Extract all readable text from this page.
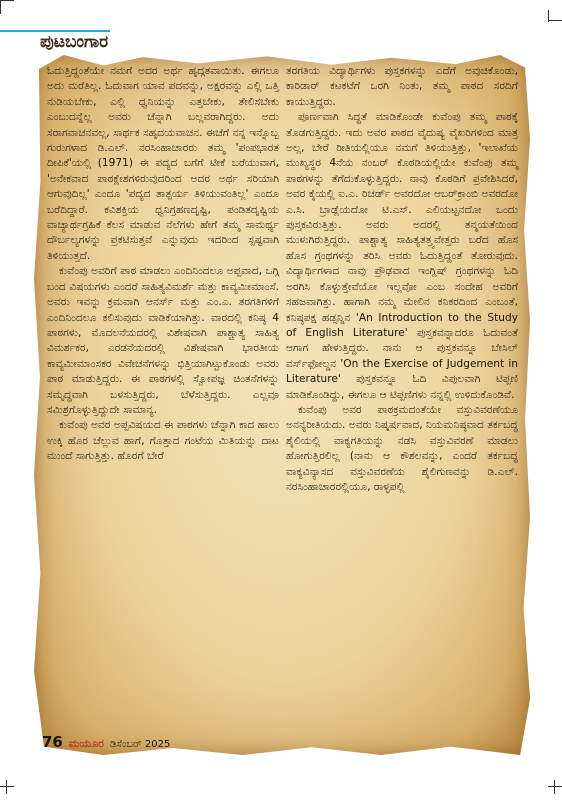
ಪುಟಬಂಗಾರ

ಓದುತ್ತಿದ್ದಂತೆಯೇ ನಮಗೆ ಅದರ ಅರ್ಥ ಹೃದ್ಗತವಾಯಿತು. ಈಗಲೂ ಅದು ಮರೆತಿಲ್ಲ. ಓದುವಾಗ ಯಾವ ಪದವನ್ನು, ಅಕ್ಷರವನ್ನು ಎಲ್ಲಿ ಒತ್ತಿ ನುಡಿಯಬೇಕು, ಎಲ್ಲಿ ಧ್ವನಿಯನ್ನು ಎತ್ತಬೇಕು, ತೇಲಿಸಬೇಕು ಎಂಬುದನ್ನೆಲ್ಲ ಅವರು ಚೆನ್ನಾಗಿ ಬಲ್ಲವರಾಗಿದ್ದರು. ಅದು ಸರಾಗವಾಚನವಲ್ಲ, ಸಾರ್ಥಕ ಸಹೃದಯವಾಚನ. ಈಚೆಗೆ ನನ್ನ ಇನ್ನೊಬ್ಬ ಗುರುಗಳಾದ ಡಿ.ಎಲ್. ನರಸಿಂಹಾಚಾರರು ತಮ್ಮ 'ಪಂಪಭಾರತ ದೀಪಿಕೆ'ಯಲ್ಲಿ (1971) ಈ ಪದ್ಯದ ಬಗೆಗೆ ಟೀಕೆ ಬರೆಯುವಾಗ, 'ಅನೇಕವಾದ ಪಾಠಕ್ಲೇಶಗಳಿರುವುದರಿಂದ ಅದರ ಅರ್ಥ ಸರಿಯಾಗಿ ಆಗುವುದಿಲ್ಲ' ಎಂದೂ 'ಪದ್ಯದ ತಾತ್ಪರ್ಯ ತಿಳಿಯುವಂತಿಲ್ಲ' ಎಂದೂ ಬರೆದಿದ್ದಾರೆ. ಕವಿಶಕ್ತಿಯ ಧ್ವನಿಗ್ರಹಣದೃಷ್ಟಿ, ಪಂಡಿತದೃಷ್ಟಿಯ ವಾಚ್ಯಾರ್ಥಗ್ರಹಿಕೆ ಕೆಲಸ ಮಾಡುವ ನೆಲೆಗಳು ಹೇಗೆ ತಮ್ಮ ಸಾಮರ್ಥ್ಯ ದೌರ್ಬಲ್ಯಗಳನ್ನು ಪ್ರಕಟಿಸುತ್ತವೆ ಎನ್ನುವುದು ಇದರಿಂದ ಸ್ಪಷ್ಟವಾಗಿ ತಿಳಿಯುತ್ತದೆ.

ಕುವೆಂಪು ಅವರಿಗೆ ಪಾಠ ಮಾಡಲು ಎಂದಿನಿಂದಲೂ ಅಪ್ಪವಾದ, ಒಗ್ಗಿ ಬಂದ ವಿಷಯಗಳು ಎಂದರೆ ಸಾಹಿತ್ಯವಿಮರ್ಶೆ ಮತ್ತು ಕಾವ್ಯಮೀಮಾಂಸೆ. ಅವರು ಇವನ್ನು ಕ್ರಮವಾಗಿ ಆನರ್ಸ್ ಮತ್ತು ಎಂ.ಎ. ತರಗತಿಗಳಿಗೆ ಎಂದಿನಿಂದಲೂ ಕಲಿಸುವುದು ವಾಡಿಕೆಯಾಗಿತ್ತು. ವಾರದಲ್ಲಿ ಕನಿಷ್ಠ 4 ಪಾಠಗಳು, ಮೊದಲನೆಯದರಲ್ಲಿ ವಿಶೇಷವಾಗಿ ಪಾಶ್ಚಾತ್ಯ ಸಾಹಿತ್ಯ ವಿಮರ್ಶಕರ, ಎರಡನೆಯದರಲ್ಲಿ ವಿಶೇಷವಾಗಿ ಭಾರತೀಯ ಕಾವ್ಯಮೀಮಾಂಸಕರ ವಿವೇಚನೆಗಳನ್ನು ಭಿತ್ತಿಯಾಗಿಟ್ಟುಕೊಂಡು ಅವರು ಪಾಠ ಮಾಡುತ್ತಿದ್ದರು. ಈ ಪಾಠಗಳಲ್ಲಿ ಸ್ವೋಪಜ್ಞ ಚಿಂತನೆಗಳನ್ನು ಸಮೃದ್ಧವಾಗಿ ಬಳಸುತ್ತಿದ್ದರು, ಬೆಳೆಸುತ್ತಿದ್ದರು. ಎಲ್ಲವೂ ಸಮಿಶ್ರಗೊಳ್ಳುತ್ತಿದ್ದುದೇ ಸಾಮಾನ್ಯ.

ಕುವೆಂಪು ಅವರ ಅಪ್ಪವಿಷಯದ ಈ ಪಾಠಗಳು ಚೆನ್ನಾಗಿ ಕಾದ ಹಾಲು ಉಕ್ಕಿ ಹೊರ ಚೆಲ್ಲುವ ಹಾಗೆ, ಗೊತ್ತಾದ ಗಂಟೆಯ ಮಿತಿಯನ್ನು ದಾಟ ಮುಂದೆ ಸಾಗುತ್ತಿತ್ತು. ಹೊರಗೆ ಬೇರೆ

ತರಗತಿಯ ವಿದ್ಯಾರ್ಥಿಗಳು ಪುಸ್ತಕಗಳನ್ನು ಎದೆಗೆ ಅವುಚಿಕೊಂಡು, ಕಾರಿಡಾರ್ ಕಟಕಟೆಗೆ ಒರಗಿ ನಿಂತು, ತಮ್ಮ ಪಾಠದ ಸರದಿಗೆ ಕಾಯುತ್ತಿದ್ದರು.

ಪೂರ್ಣವಾಗಿ ಸಿದ್ಧತೆ ಮಾಡಿಕೊಂಡೇ ಕುವೆಂಪು ತಮ್ಮ ಪಾಠಕ್ಕೆ ತೊಡಗುತ್ತಿದ್ದರು. ಇದು ಅವರ ಪಾಠದ ವೈದುಷ್ಯ ವೈಖರಿಗಳಿಂದ ಮಾತ್ರ ಅಲ್ಲ, ಬೇರೆ ರೀತಿಯಲ್ಲಿಯೂ ನಮಗೆ ತಿಳಿಯುತ್ತಿತ್ತು, 'ಇಲಾಖೆಯ ಮುಖ್ಯಸ್ಥರ 4ನೆಯ ನಂಬರ್ ಕೊಠಡಿಯಲ್ಲಿಯೇ ಕುವೆಂಪು ತಮ್ಮ ಪಾಠಗಳನ್ನು ತೆಗೆದುಕೊಳ್ಳುತ್ತಿದ್ದರು. ನಾವು ಕೊಠಡಿಗೆ ಪ್ರವೇಶಿಸಿದರೆ, ಅವರ ಕೈಯಲ್ಲಿ ಐ.ಎ. ರಿಚರ್ಡ್ ಅವರದೋ ಆಬರ್‌ಕ್ರಾಂಬಿ ಅವರದೋ ಎ.ಸಿ. ಬ್ರಾಡ್ಲೆಯದೋ ಟಿ.ಎಸ್. ಎಲಿಯಟ್ಟನದೋ ಒಂದು ಪುಸ್ತಕವಿರುತ್ತಿತ್ತು. ಅವರು ಅದರಲ್ಲಿ ತನ್ಮಯತೆಯಿಂದ ಮುಳುಗಿರುತ್ತಿದ್ದರು. ಪಾಶ್ಚಾತ್ಯ ಸಾಹಿತ್ಯತತ್ತ್ವವೇತ್ತರು ಬರೆದ ಹೊಸ ಹೊಸ ಗ್ರಂಥಗಳನ್ನು ತರಿಸಿ ಅವರು ಓದುತ್ತಿದ್ದಂತೆ ತೋರುವುದು. ವಿದ್ಯಾರ್ಥಿಗಳಾದ ನಾವು ಪ್ರೌಢವಾದ ಇಂಗ್ಲಿಷ್ ಗ್ರಂಥಗಳನ್ನು ಓದಿ ಅರಗಿಸಿ ಕೊಳ್ಳುತ್ತೇವೆಯೋ ಇಲ್ಲವೋ ಎಂಬ ಸಂದೇಹ ಅವರಿಗೆ ಸಹಜವಾಗಿತ್ತು. ಹಾಗಾಗಿ ನಮ್ಮ ಮೇಲಿನ ಕನಿಕರದಿಂದ ಎಂಬಂತೆ, ಕನಿಷ್ಠಪಕ್ಷ ಹಡ್ಸನ್ನಿನ 'An Introduction to the Study of English Literature' ಪುಸ್ತಕವನ್ನಾದರೂ ಓದುವಂತೆ ಆಗಾಗ ಹೇಳುತ್ತಿದ್ದರು. ನಾನು ಆ ಪುಸ್ತಕವನ್ನೂ ಬೇಸಿಲ್ ವರ್ಸ್‌ಫೋಲ್ಡನ 'On the Exercise of Judgement in Literature' ಪುಸ್ತಕವನ್ನೂ ಓದಿ ವಿಪುಲವಾಗಿ ಟಿಪ್ಪಣಿ ಮಾಡಿಕೊಂಡಿದ್ದು, ಈಗಲೂ ಆ ಟಿಪ್ಪಣಿಗಳು ನನ್ನಲ್ಲಿ ಉಳಿದುಕೊಂಡಿವೆ.

ಕುವೆಂಪು ಅವರ ಪಾಠಕ್ರಮದಂತೆಯೇ ವಸ್ತುವಿವರಣೆಯೂ ಅನನ್ಯರೀತಿಯದು. ಅವರು ನಿಷ್ಕರ್ಷವಾದ, ನಿಯಮನಿಷ್ಠವಾದ ತರ್ಕಬದ್ಧ ಶೈಲಿಯಲ್ಲಿ ವಾಕ್ಯಗತಿಯನ್ನು ನಡಸಿ ವಸ್ತುವಿವರಣೆ ಮಾಡಲು ಹೋಗುತ್ತಿರಲಿಲ್ಲ (ನಾನು ಆ ಕೌಶಲವನ್ನು, ಎಂದರೆ ತರ್ಕಬದ್ಧ ವಾಕ್ಯವಿನ್ಯಾಸದ ವಸ್ತುವಿವರಣೆಯ ಶೈಲಿಗುಣವನ್ನು ಡಿ.ಎಲ್. ನರಸಿಂಹಾಚಾರರಲ್ಲಿಯೂ, ರಾಳ್ಳಪಲ್ಲಿ

76 ಮಯೂರ ಡಿಸೆಂಬರ್ 2025
